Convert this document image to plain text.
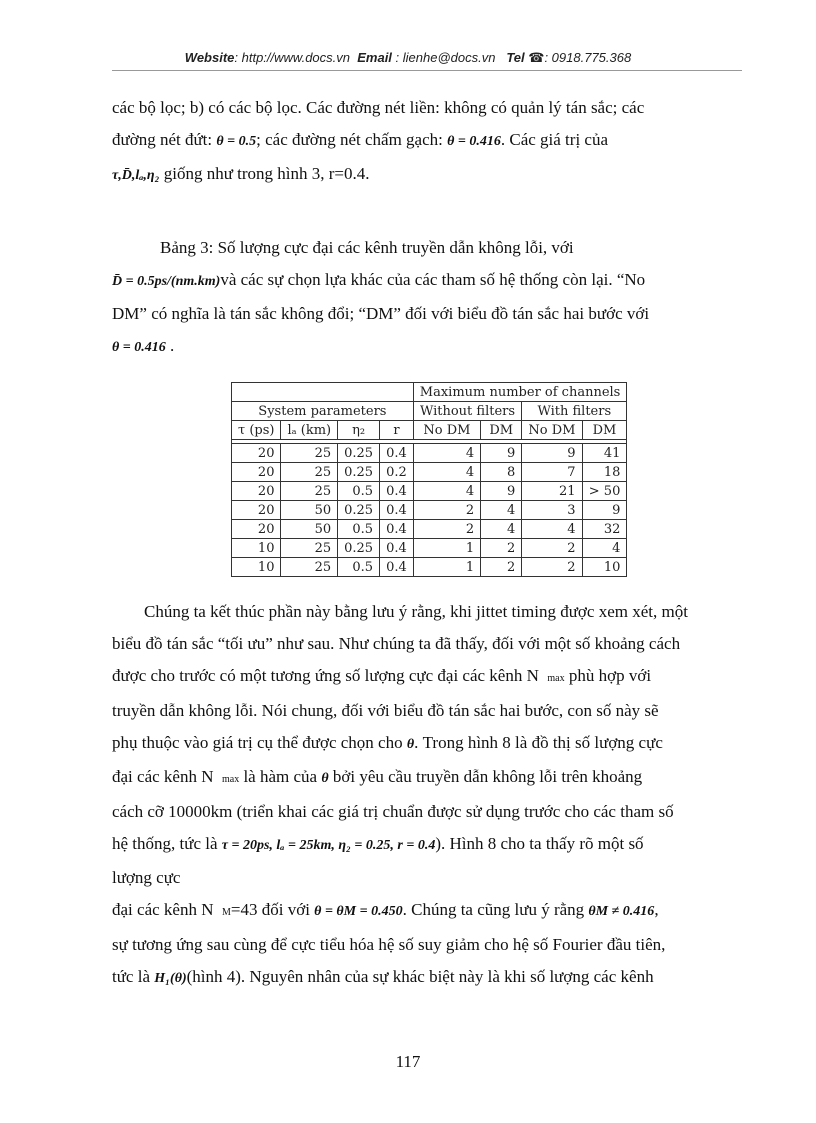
Website: http://www.docs.vn Email : lienhe@docs.vn Tel ☎: 0918.775.368
các bộ lọc; b) có các bộ lọc. Các đường nét liền: không có quản lý tán sắc; các
đường nét đứt: θ = 0.5; các đường nét chấm gạch: θ = 0.416. Các giá trị của
τ,D̄,lₐ,η₂ giống như trong hình 3, r=0.4.
Bảng 3: Số lượng cực đại các kênh truyền dẫn không lỗi, với
D̄ = 0.5ps/(nm.km)và các sự chọn lựa khác của các tham số hệ thống còn lại. “No
DM” có nghĩa là tán sắc không đổi; “DM” đối với biểu đồ tán sắc hai bước với
θ = 0.416 .
				Maximum number of channels			
System parameters				Without filters		With filters	
τ (ps)	lₐ (km)	η₂	r	No DM	DM	No DM	DM

20	25	0.25	0.4	4	9	9	41
20	25	0.25	0.2	4	8	7	18
20	25	0.5	0.4	4	9	21	> 50
20	50	0.25	0.4	2	4	3	9
20	50	0.5	0.4	2	4	4	32
10	25	0.25	0.4	1	2	2	4
10	25	0.5	0.4	1	2	2	10
Chúng ta kết thúc phần này bằng lưu ý rằng, khi jittet timing được xem xét, một
biểu đồ tán sắc “tối ưu” như sau. Như chúng ta đã thấy, đối với một số khoảng cách
được cho trước có một tương ứng số lượng cực đại các kênh N max phù hợp với
truyền dẫn không lỗi. Nói chung, đối với biểu đồ tán sắc hai bước, con số này sẽ
phụ thuộc vào giá trị cụ thể được chọn cho θ. Trong hình 8 là đồ thị số lượng cực
đại các kênh N max là hàm của θ bởi yêu cầu truyền dẫn không lỗi trên khoảng
cách cỡ 10000km (triển khai các giá trị chuẩn được sử dụng trước cho các tham số
hệ thống, tức là τ = 20ps, lₐ = 25km, η₂ = 0.25, r = 0.4). Hình 8 cho ta thấy rõ một số
lượng cực
đại các kênh N M=43 đối với θ = θM = 0.450. Chúng ta cũng lưu ý rằng θM ≠ 0.416,
sự tương ứng sau cùng để cực tiểu hóa hệ số suy giảm cho hệ số Fourier đầu tiên,
tức là H₁(θ)(hình 4). Nguyên nhân của sự khác biệt này là khi số lượng các kênh
117
